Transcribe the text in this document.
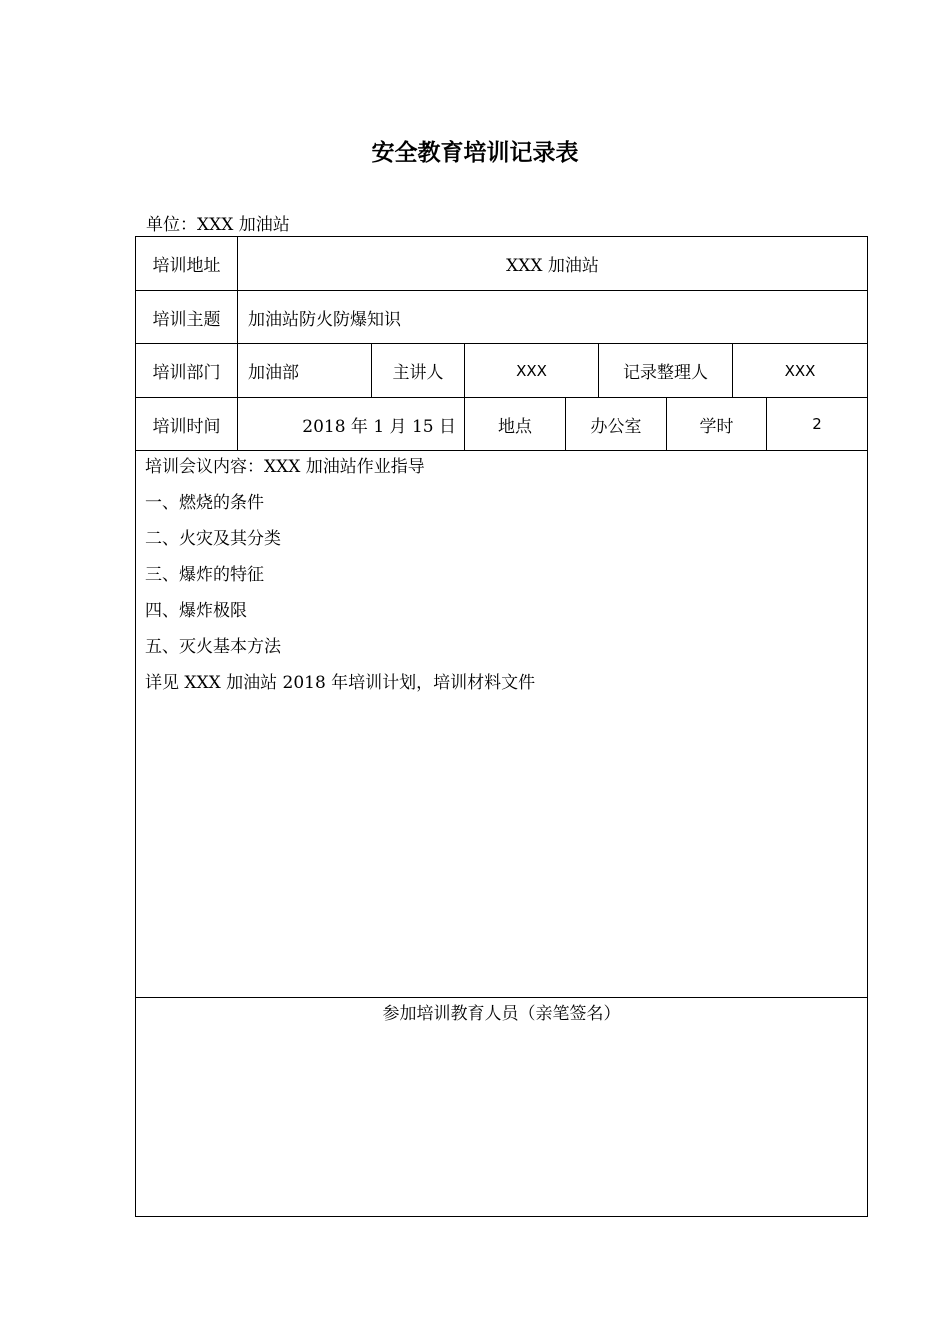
安全教育培训记录表
单位：XXX 加油站
培训地址	XXX 加油站
培训主题	加油站防火防爆知识
培训部门	加油部	主讲人	XXX	记录整理人	XXX
培训时间	2018 年 1 月 15 日	地点	办公室	学时	2
培训会议内容：XXX 加油站作业指导
一、燃烧的条件
二、火灾及其分类
三、爆炸的特征
四、爆炸极限
五、灭火基本方法
详见 XXX 加油站 2018 年培训计划，培训材料文件
参加培训教育人员（亲笔签名）
